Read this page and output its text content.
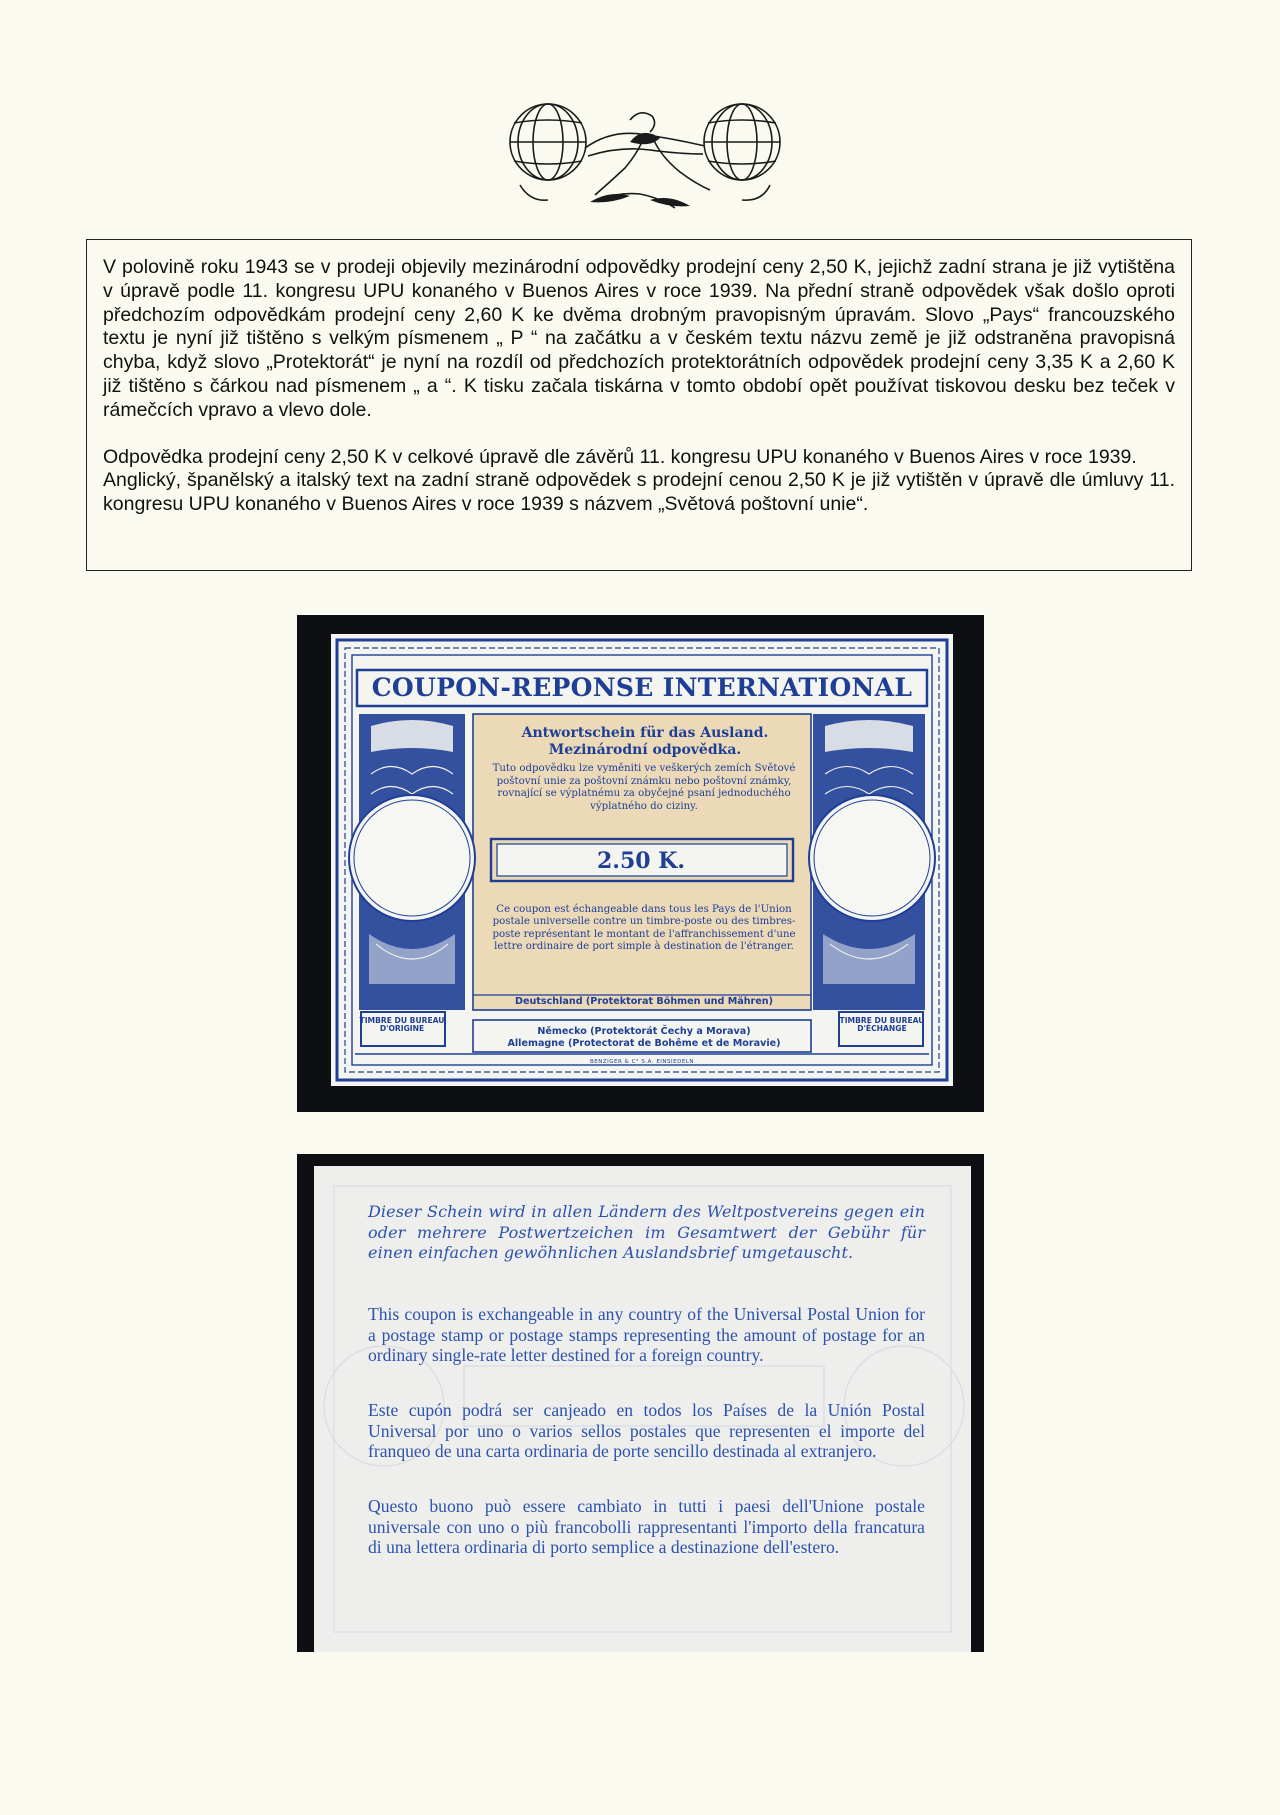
V polovině roku 1943 se v prodeji objevily mezinárodní odpovědky prodejní ceny 2,50 K, jejichž zadní strana je již vytištěna v úpravě podle 11. kongresu UPU konaného v Buenos Aires v roce 1939. Na přední straně odpovědek však došlo oproti předchozím odpovědkám prodejní ceny 2,60 K ke dvěma drobným pravopisným úpravám. Slovo „Pays“ francouzského textu je nyní již tištěno s velkým písmenem „ P “ na začátku a v českém textu názvu země je již odstraněna pravopisná chyba, když slovo „Protektorát“ je nyní na rozdíl od předchozích protektorátních odpovědek prodejní ceny 3,35 K a 2,60 K již tištěno s čárkou nad písmenem „ a “. K tisku začala tiskárna v tomto období opět používat tiskovou desku bez teček v rámečcích vpravo a vlevo dole.

Odpovědka prodejní ceny 2,50 K v celkové úpravě dle závěrů 11. kongresu UPU konaného v Buenos Aires v roce 1939.

Anglický, španělský a italský text na zadní straně odpovědek s prodejní cenou 2,50 K je již vytištěn v úpravě dle úmluvy 11. kongresu UPU konaného v Buenos Aires v roce 1939 s názvem „Světová poštovní unie“.

COUPON-REPONSE INTERNATIONAL
Antwortschein für das Ausland.
Mezinárodní odpovědka.
Tuto odpovědku lze vyměniti ve veškerých zemích Světové poštovní unie za poštovní známku nebo poštovní známky, rovnající se výplatnému za obyčejné psaní jednoduchého výplatného do ciziny.
2.50 K.
Ce coupon est échangeable dans tous les Pays de l'Union postale universelle contre un timbre-poste ou des timbres-poste représentant le montant de l'affranchissement d'une lettre ordinaire de port simple à destination de l'étranger.
Deutschland (Protektorat Böhmen und Mähren)
Německo (Protektorát Čechy a Morava)
Allemagne (Protectorat de Bohême et de Moravie)
TIMBRE DU BUREAU D'ORIGINE
TIMBRE DU BUREAU D'ÉCHANGE
BENZIGER & C° S.A. EINSIEDELN
Dieser Schein wird in allen Ländern des Weltpostvereins gegen ein oder mehrere Postwertzeichen im Gesamtwert der Gebühr für einen einfachen gewöhnlichen Auslandsbrief umgetauscht.
This coupon is exchangeable in any country of the Universal Postal Union for a postage stamp or postage stamps representing the amount of postage for an ordinary single-rate letter destined for a foreign country.
Este cupón podrá ser canjeado en todos los Países de la Unión Postal Universal por uno o varios sellos postales que representen el importe del franqueo de una carta ordinaria de porte sencillo destinada al extranjero.
Questo buono può essere cambiato in tutti i paesi dell'Unione postale universale con uno o più francobolli rappresentanti l'importo della francatura di una lettera ordinaria di porto semplice a destinazione dell'estero.
